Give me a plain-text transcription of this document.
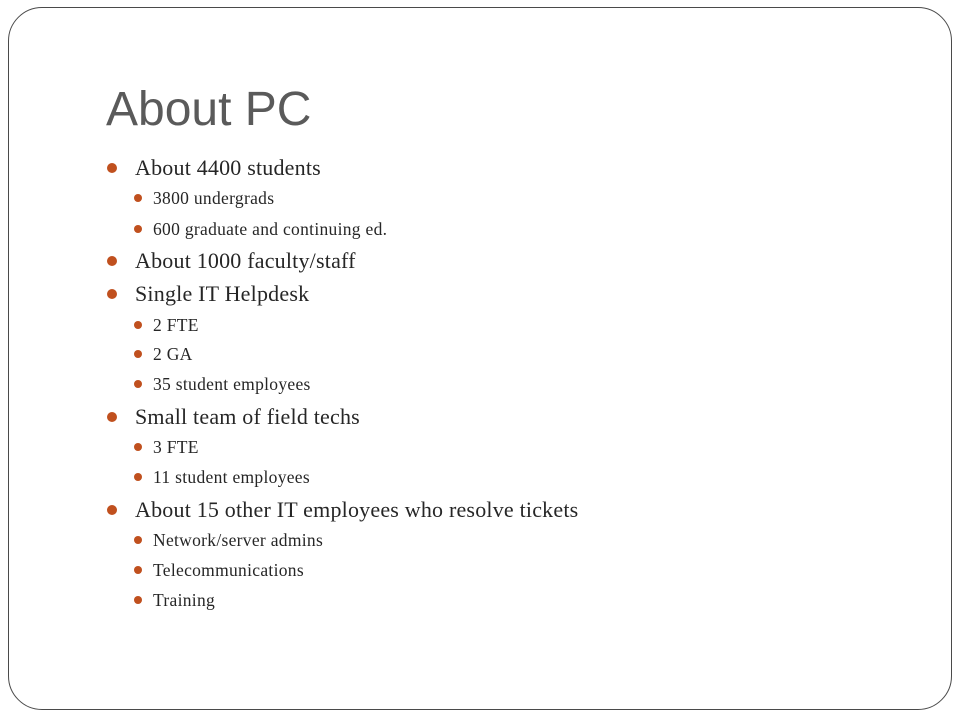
About PC
About 4400 students
3800 undergrads
600 graduate and continuing ed.
About 1000 faculty/staff
Single IT Helpdesk
2 FTE
2 GA
35 student employees
Small team of field techs
3 FTE
11 student employees
About 15 other IT employees who resolve tickets
Network/server admins
Telecommunications
Training
